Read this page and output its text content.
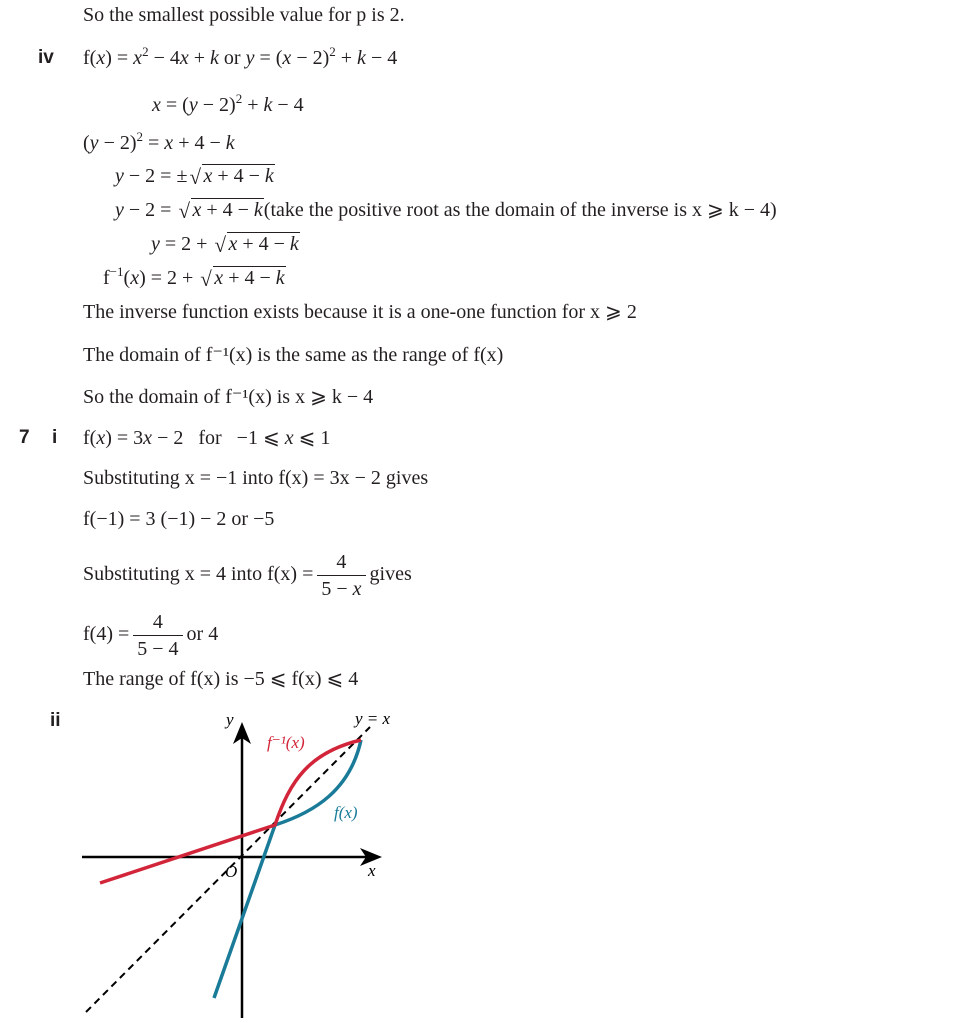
So the smallest possible value for p is 2.
iv $f(x) = x^2 - 4x + k$ or $y = (x - 2)^2 + k - 4$
$x = (y - 2)^2 + k - 4$
$(y - 2)^2 = x + 4 - k$
y − 2 = ±√ x + 4 − k
y − 2 = √ x + 4 − k(take the positive root as the domain of the inverse is x ⩾ k − 4)
y = 2 + √ x + 4 − k
$f^{-1}(x) = 2$ + √ x + 4 − k
The inverse function exists because it is a one-one function for x ⩾ 2
The domain of f⁻¹(x) is the same as the range of f(x)
So the domain of f⁻¹(x) is x ⩾ k − 4
7 i f(x) = 3x − 2   for   −1 ⩽ x ⩽ 1
Substituting x = −1 into f(x) = 3x − 2 gives
f(−1) = 3 (−1) − 2 or −5
Substituting x = 4 into $f(x) = \frac{4}{5 - x}$ gives
$f(4) = \frac{4}{5 - 4}$ or 4
The range of f(x) is −5 ⩽ f(x) ⩽ 4
ii	y
x
O
y = x
f⁻¹(x)
f(x)
